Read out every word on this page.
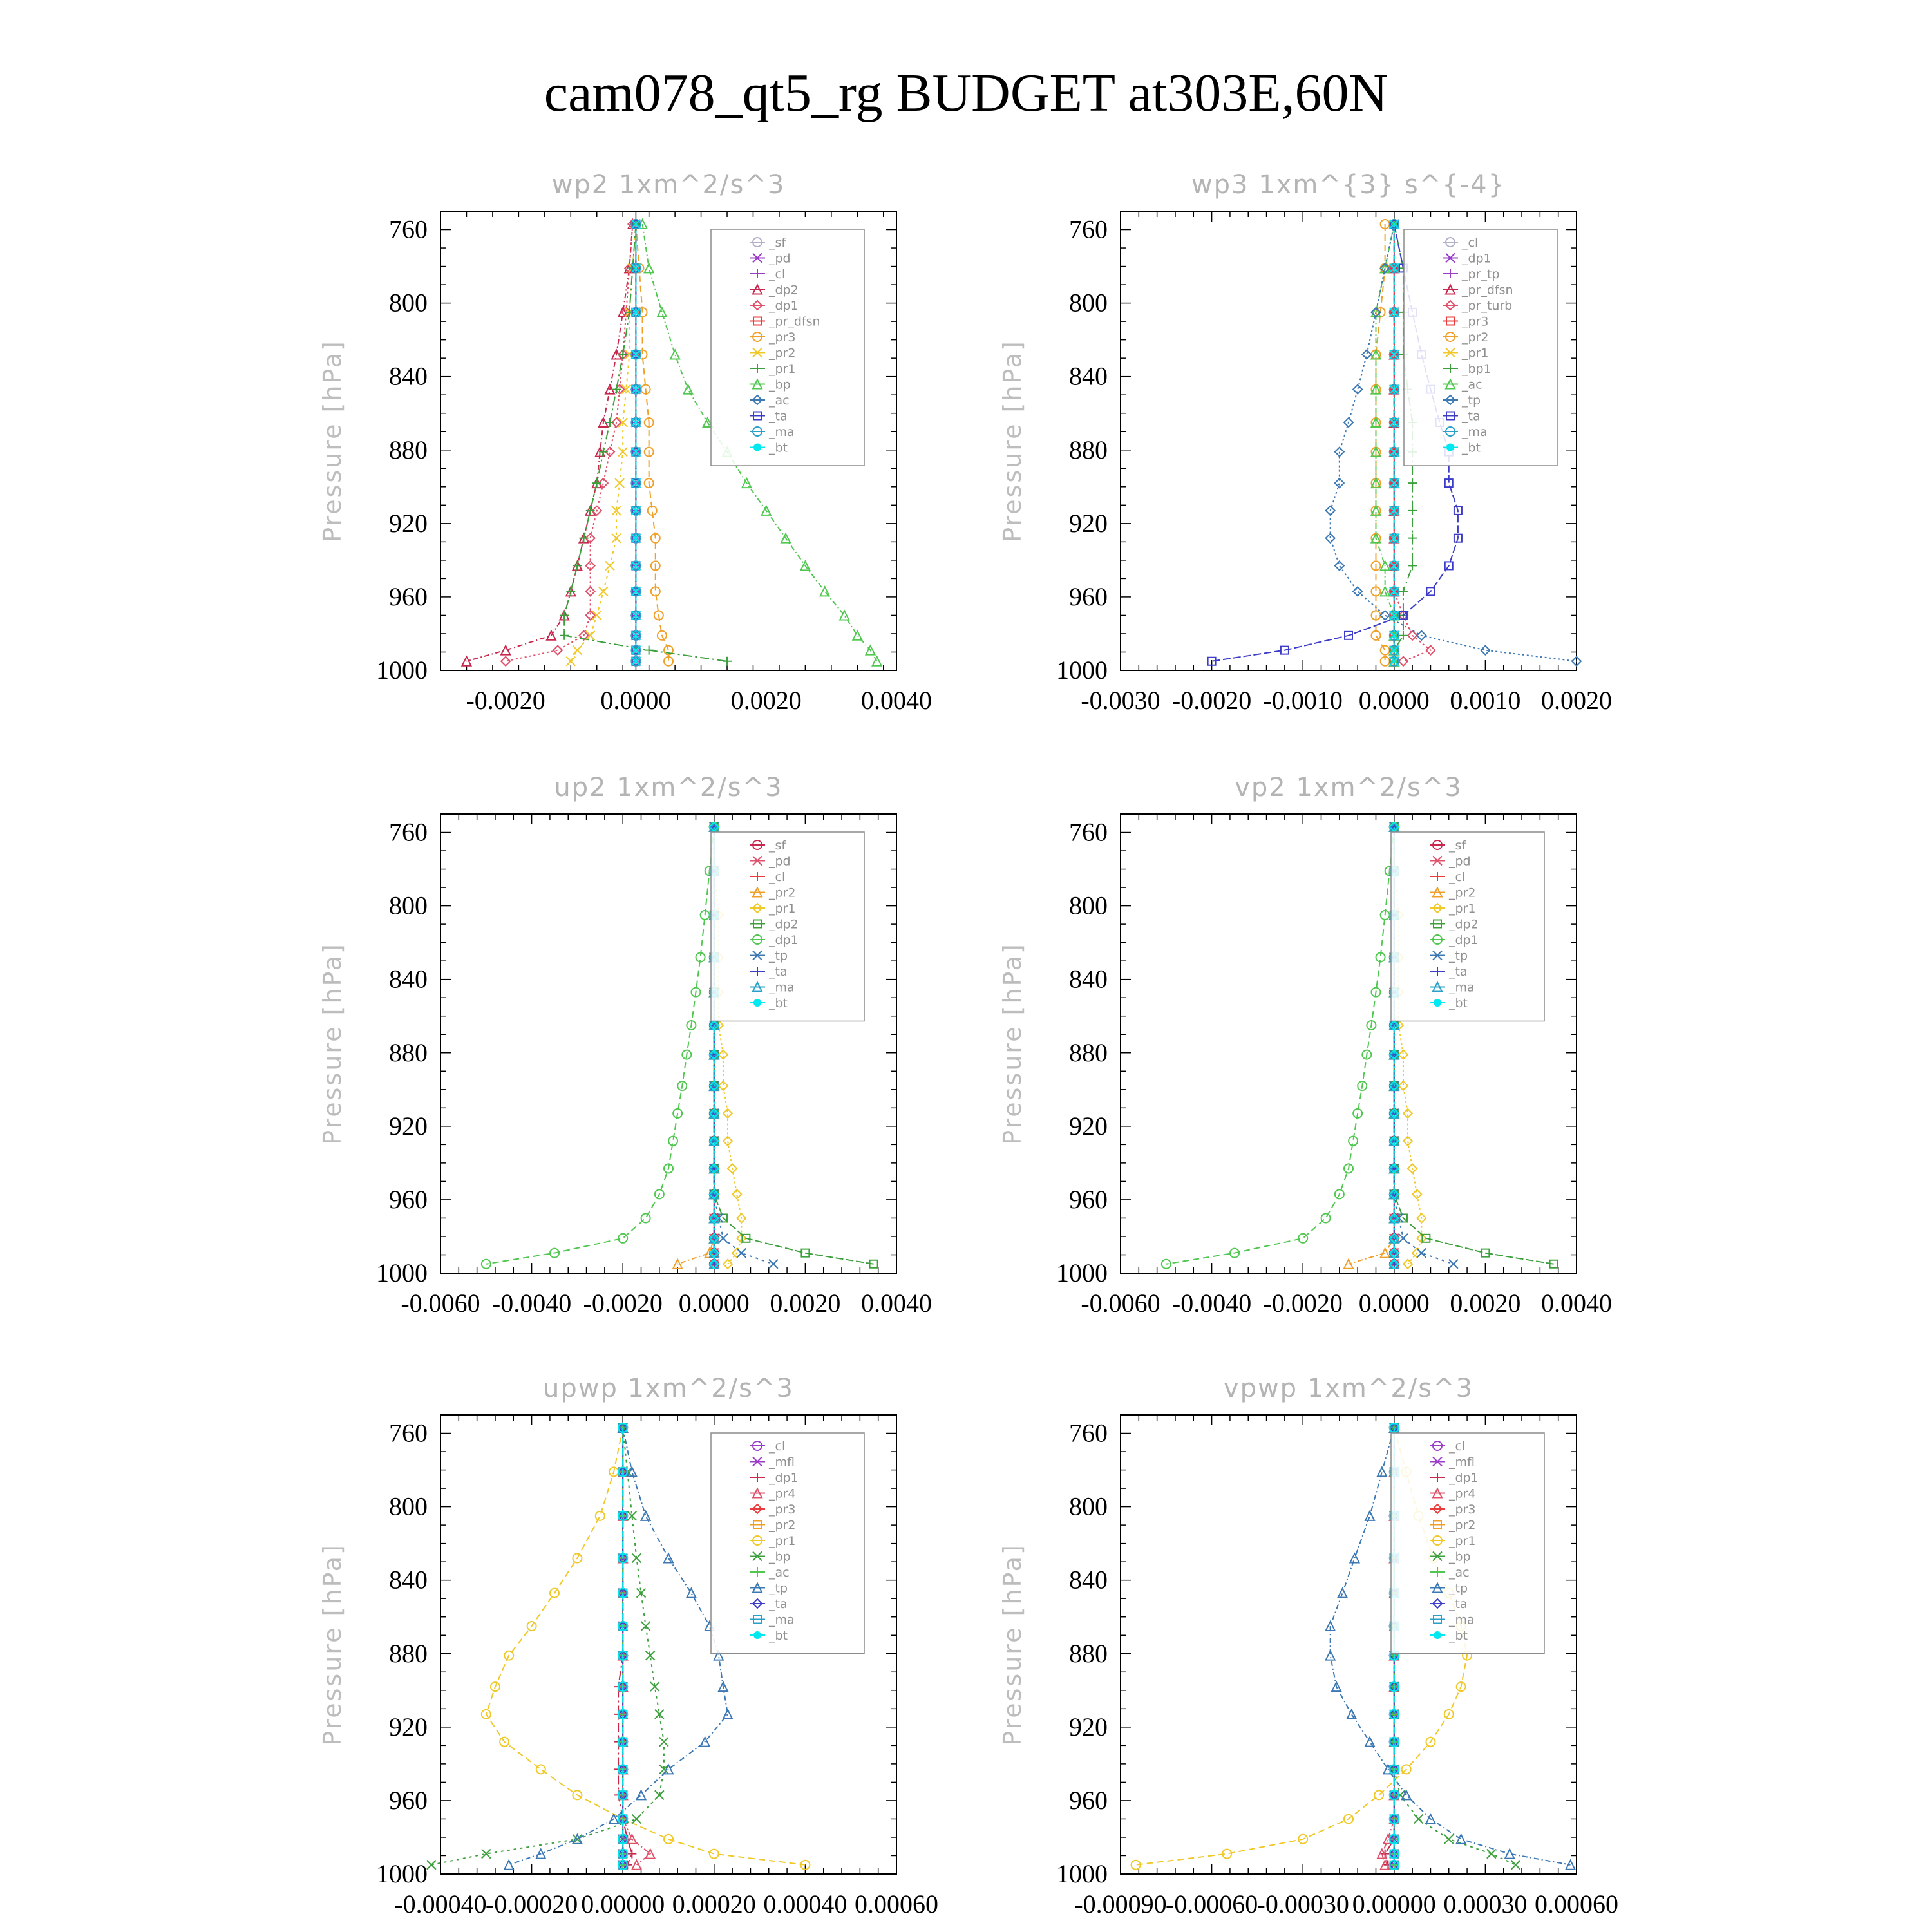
cam078_qt5_rg BUDGET at303E,60N
wp2 1xm^2/s^3
Pressure [hPa]
760
800
840
880
920
960
1000
-0.0020 0.0000 0.0020 0.0040
_sf
_pd
_cl
_dp2
_dp1
_pr_dfsn
_pr3
_pr2
_pr1
_bp
_ac
_ta
_ma
_bt
wp3 1xm^{3} s^{-4}
Pressure [hPa]
760
800
840
880
920
960
1000
-0.0030 -0.0020 -0.0010 0.0000 0.0010 0.0020
_cl
_dp1
_pr_tp
_pr_dfsn
_pr_turb
_pr3
_pr2
_pr1
_bp1
_ac
_tp
_ta
_ma
_bt
up2 1xm^2/s^3
Pressure [hPa]
760
800
840
880
920
960
1000
-0.0060 -0.0040 -0.0020 0.0000 0.0020 0.0040
_sf
_pd
_cl
_pr2
_pr1
_dp2
_dp1
_tp
_ta
_ma
_bt
vp2 1xm^2/s^3
Pressure [hPa]
760
800
840
880
920
960
1000
-0.0060 -0.0040 -0.0020 0.0000 0.0020 0.0040
_sf
_pd
_cl
_pr2
_pr1
_dp2
_dp1
_tp
_ta
_ma
_bt
upwp 1xm^2/s^3
Pressure [hPa]
760
800
840
880
920
960
1000
-0.00040
-0.00020 0.00000 0.00020 0.00040 0.00060
_cl
_mfl
_dp1
_pr4
_pr3
_pr2
_pr1
_bp
_ac
_tp
_ta
_ma
_bt
vpwp 1xm^2/s^3
Pressure [hPa]
760
800
840
880
920
960
1000
-0.00090
-0.00060
-0.00030 0.00000 0.00030 0.00060
_cl
_mfl
_dp1
_pr4
_pr3
_pr2
_pr1
_bp
_ac
_tp
_ta
_ma
_bt
